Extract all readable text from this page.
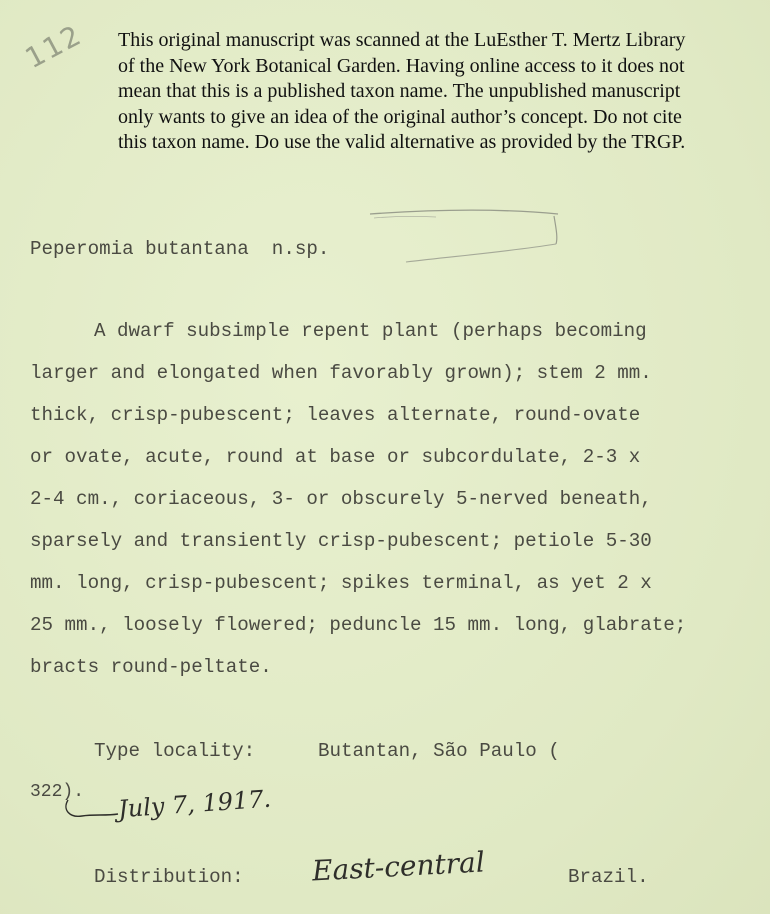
This original manuscript was scanned at the LuEsther T. Mertz Library
of the New York Botanical Garden. Having online access to it does not
mean that this is a published taxon name. The unpublished manuscript
only wants to give an idea of the original author’s concept. Do not cite
this taxon name. Do use the valid alternative as provided by the TRGP.
112
Peperomia butantana  n.sp.
A dwarf subsimple repent plant (perhaps becoming
larger and elongated when favorably grown); stem 2 mm.
thick, crisp-pubescent; leaves alternate, round-ovate
or ovate, acute, round at base or subcordulate, 2-3 x
2-4 cm., coriaceous, 3- or obscurely 5-nerved beneath,
sparsely and transiently crisp-pubescent; petiole 5-30
mm. long, crisp-pubescent; spikes terminal, as yet 2 x
25 mm., loosely flowered; peduncle 15 mm. long, glabrate;
bracts round-peltate.
Type locality:	Butantan, São Paulo (
322). July 7, 1917.
Distribution: East-central	Brazil.
